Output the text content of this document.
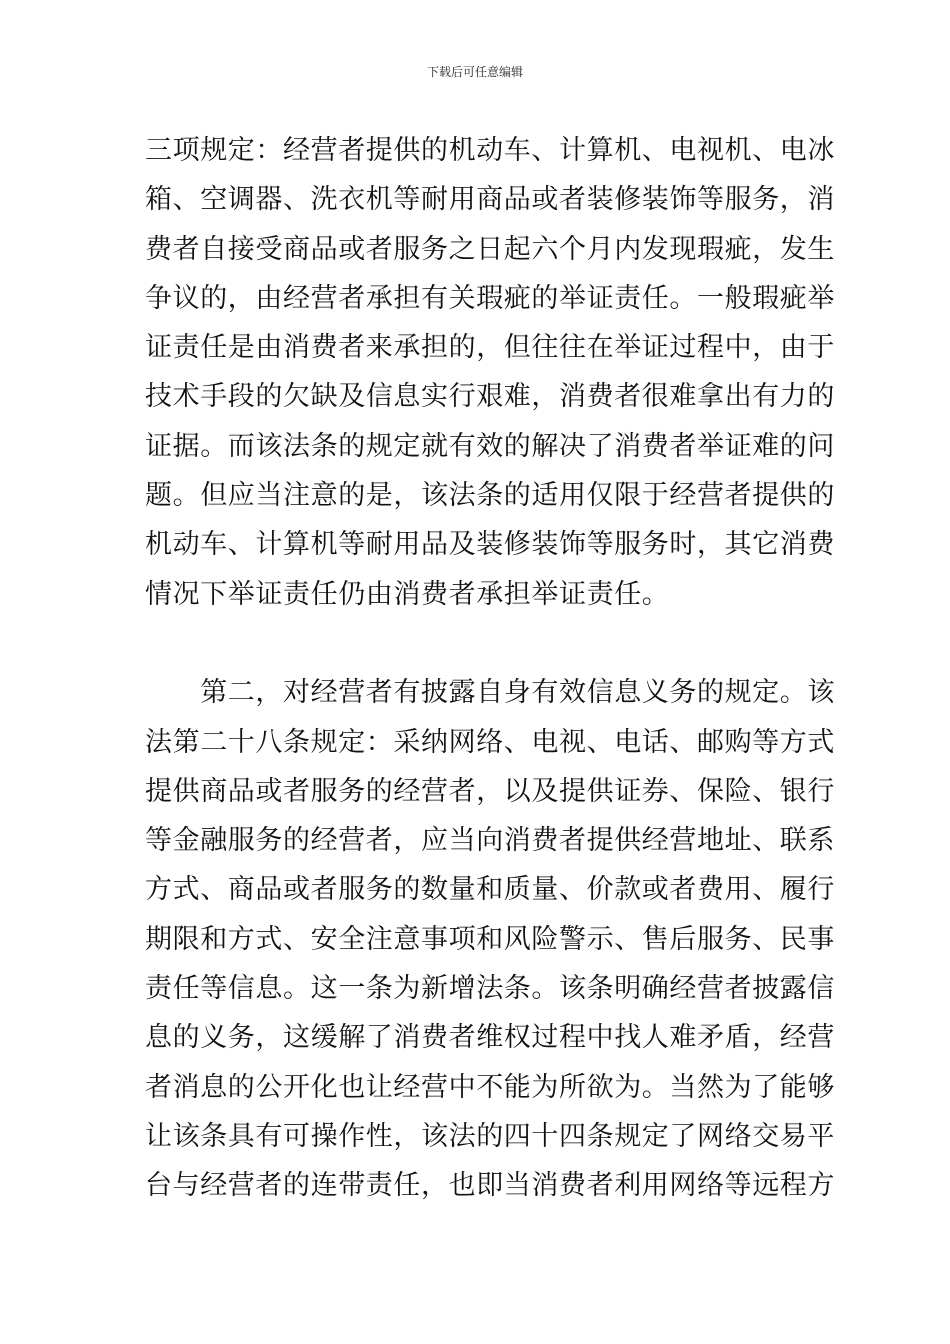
下载后可任意编辑
三项规定：经营者提供的机动车、计算机、电视机、电冰
箱、空调器、洗衣机等耐用商品或者装修装饰等服务，消
费者自接受商品或者服务之日起六个月内发现瑕疵，发生
争议的，由经营者承担有关瑕疵的举证责任。一般瑕疵举
证责任是由消费者来承担的，但往往在举证过程中，由于
技术手段的欠缺及信息实行艰难，消费者很难拿出有力的
证据。而该法条的规定就有效的解决了消费者举证难的问
题。但应当注意的是，该法条的适用仅限于经营者提供的
机动车、计算机等耐用品及装修装饰等服务时，其它消费
情况下举证责任仍由消费者承担举证责任。
　　第二，对经营者有披露自身有效信息义务的规定。该
法第二十八条规定：采纳网络、电视、电话、邮购等方式
提供商品或者服务的经营者，以及提供证券、保险、银行
等金融服务的经营者，应当向消费者提供经营地址、联系
方式、商品或者服务的数量和质量、价款或者费用、履行
期限和方式、安全注意事项和风险警示、售后服务、民事
责任等信息。这一条为新增法条。该条明确经营者披露信
息的义务，这缓解了消费者维权过程中找人难矛盾，经营
者消息的公开化也让经营中不能为所欲为。当然为了能够
让该条具有可操作性，该法的四十四条规定了网络交易平
台与经营者的连带责任，也即当消费者利用网络等远程方
